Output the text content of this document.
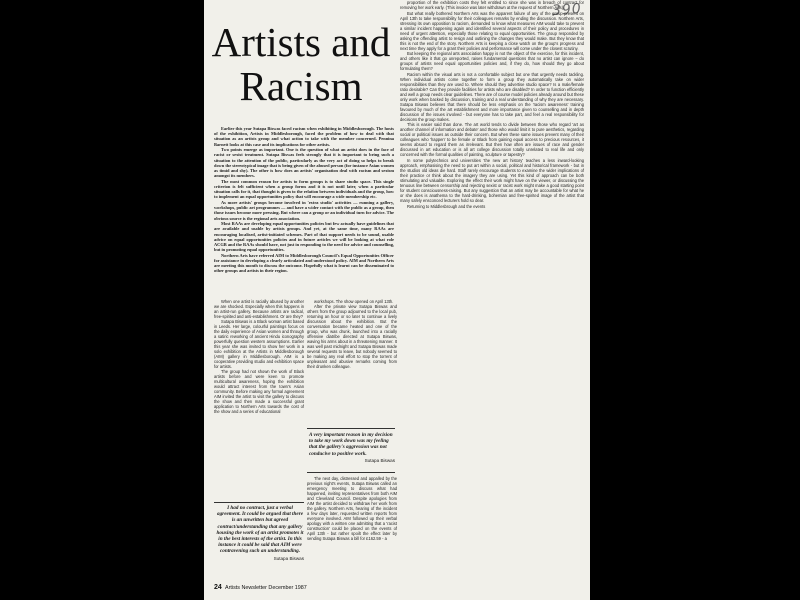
390
Artists and
Racism

Earlier this year Sutapa Biswas faced racism when exhibiting in Middlesborough. The hosts of the exhibition, Artists in Middlesborough, faced the problem of how to deal with that situation as an artists group and what action to take with the member concerned. Pennina Barnett looks at this case and its implications for other artists.

Two points emerge as important. One is the question of what an artist does in the face of racist or sexist treatment. Sutapa Biswas feels strongly that it is important to bring such a situation to the attention of the public, particularly as the very act of doing so helps to break down the stereotypical image that is being given of the abused person (for instance Asian women as timid and shy). The other is how does an artists' organisation deal with racism and sexism amongst its members.

The most common reason for artists to form groups is to share studio space. This single criterion is felt sufficient when a group forms and it is not until later, when a particular situation calls for it, that thought is given to the relation between individuals and the group, how to implement an equal opportunities policy that will encourage a wide membership etc.

As more artists' groups become involved in 'extra studio' activities — running a gallery, workshops, public art programmes — and have a wider contact with the public as a group, then those issues become more pressing. But where can a group or an individual turn for advice. The obvious source is the regional arts association.

Most RAAs are developing equal opportunities policies but few actually have guidelines that are available and usable by artists groups. And yet, at the same time, many RAAs are encouraging localised, artist-initiated schemes. Part of that support needs to be sound, usable advice on equal opportunities policies and in future articles we will be looking at what role ACGB and the RAAs should have, not just in responding to the need for advice and counselling, but in promoting equal opportunities.

Northern Arts have referred AIM to Middlesborough Council's Equal Opportunities Officer for assistance in developing a clearly articulated and understood policy. AIM and Northern Arts are meeting this month to discuss the outcome. Hopefully what is learnt can be disseminated to other groups and artists in their region.

When one artist is racially abused by another we are shocked. Especially when this happens in an artist-run gallery. Because artists are radical, free-spirited and anti-establishment. Or are they?

Sutapa Biswas is a Black woman artist based in Leeds. Her large, colourful paintings focus on the daily experience of Asian women and through a satiric reworking of ancient Hindu iconography powerfully question western assumptions. Earlier this year she was invited to show her work in a solo exhibition at the Artists in Middlesborough (AIM) gallery in Middlesborough. AIM is a cooperative providing studio and exhibition space for artists.

The group had not shown the work of Black artists before and were keen to promote multicultural awareness, hoping the exhibition would attract interest from the town's Asian community. Before making any formal agreement AIM invited the artist to visit the gallery to discuss the show and then made a successful grant application to Northern Arts towards the cost of the show and a series of educational

I had no contract, just a verbal agreement. It could be argued that there is an unwritten but agreed contract/understanding that any gallery housing the work of an artist promotes it in the best interests of the artist. In this instance it could be said that AIM were contravening such an understanding.
Sutapa Biswas

workshops. The show opened on April 13th.

After the private view Sutapa Biswas and others from the group adjourned to the local pub, returning an hour or so later to continue a lively discussion about the exhibition. But the conversation became heated and one of the group, who was drunk, launched into a racially offensive diatribe directed at Sutapa Biswas, waving his arms about in a threatening manner. It was well past midnight and Sutapa Biswas made several requests to leave, but nobody seemed to be making any real effort to stop the torrent of unpleasant and abusive remarks coming from their drunken colleague.

A very important reason in my decision to take my work down was my feeling that the gallery's aggression was not conducive to positive work.
Sutapa Biswas

The next day, distressed and appalled by the previous night's events, Sutapa Biswas called an emergency meeting to discuss what had happened, inviting representatives from both AIM and Cleveland Council. Despite apologies from AIM the artist decided to withdraw her work from the gallery. Northern Arts, hearing of the incident a few days later, requested written reports from everyone involved. AIM followed up their verbal apology with a written one admitting that a 'racist construction' could be placed on the events of April 13th - but rather spoilt the effect later by sending Sutapa Biswas a bill for £162.59 - a

proportion of the exhibition costs they felt entitled to since she was in breach of contract for removing her work early. (This invoice was later withdrawn at the request of Northern Arts).

But what really bothered Northern Arts was the apparent failure of any of the group present on April 13th to take responsibility for their colleagues remarks by ending the discussion. Northern Arts, stressing its own opposition to racism, demanded to know what measures AIM would take to prevent a similar incident happening again and identified several aspects of their policy and procedures in need of urgent attention, especially those relating to equal opportunities. The group responded by asking the offending artist to resign and outlining the changes they would make. But they know that this is not the end of the story. Northern Arts is keeping a close watch on the group's progress and next time they apply for a grant their policies and performance will come under the closest scrutiny.

But keeping the regional arts association happy is not the object of the exercise, for this incident, and others like it that go unreported, raises fundamental questions that no artist can ignore – do groups of artists need equal opportunities policies and, if they do, how should they go about formulating them?

Racism within the visual arts is not a comfortable subject but one that urgently needs tackling. When individual artists come together to form a group they automatically take on wider responsibilities than they are used to. Where should they advertise studio space? Is a male/female ratio desirable? Can they provide facilities for artists who are disabled? In order to function efficiently and well a group needs clear guidelines. There are of course model policies already around but these only work when backed by discussion, training and a real understanding of why they are necessary. Sutapa Biswas believes that there should be less emphasis on the 'racism awareness' training favoured by much of the art establishment and more importance given to counselling and in depth discussion of the issues involved - but everyone has to take part, and feel a real responsibility for decisions the group makes.

This is easier said than done. The art world tends to divide between those who regard 'art as another channel of information and debate' and those who would limit it to pure aesthetics, regarding social or political issues as outside their concern. But when these same issues prevent many of their colleagues who 'happen' to be female or Black from gaining equal access to precious resources, it seems absurd to regard them as irrelevant. But then how often are issues of race and gender discussed in art education or is all art college discussion totally unrelated to real life and only concerned with the formal qualities of painting, sculpture or tapestry?

In some polytechnics and universities 'the new art history' teaches a less inward-looking approach, emphasising the need to put art within a social, political and historical framework - but in the studios old ideas die hard. Staff rarely encourage students to examine the wider implications of their practice or think about the imagery they are using. Yet this kind of approach can be both stimulating and valuable. Exploring the effect their work might have on the viewer, or discussing the tenuous line between censorship and rejecting sexist or racist work might make a good starting point for student consciousness-raising. But any suggestion that an artist may be accountable for what he or she does is anathema to the hard-drinking, bohemian and free-spirited image of the artist that many safely ensconced lecturers hold so dear.

Returning to Middlesbrough and the events

24 Artists Newsletter December 1987
